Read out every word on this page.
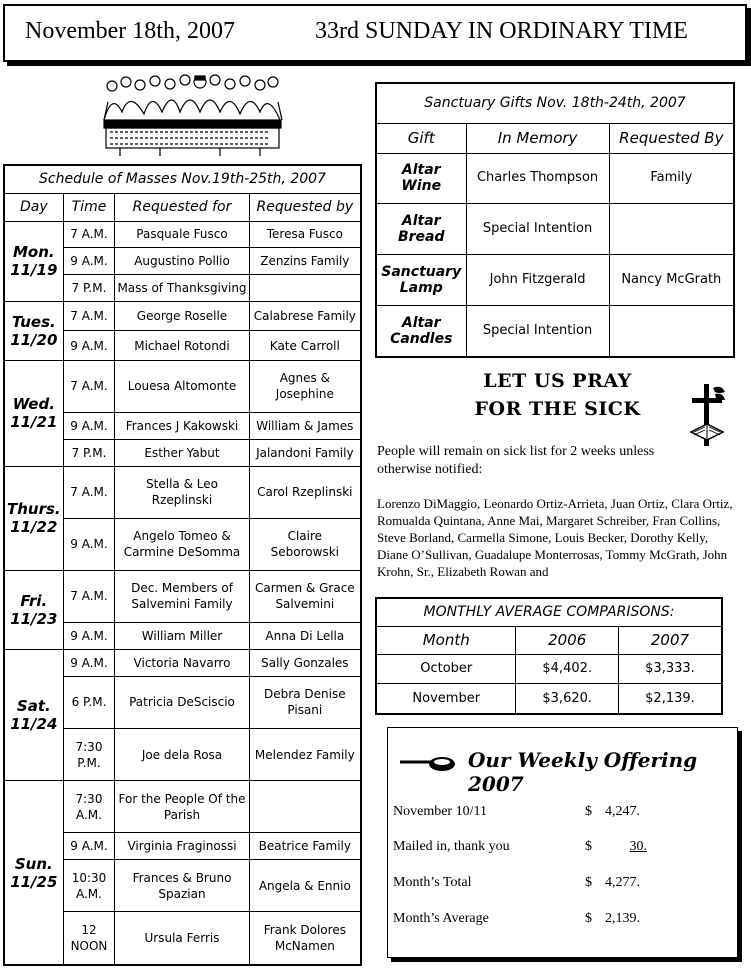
November 18th, 2007	33rd SUNDAY IN ORDINARY TIME
Schedule of Masses Nov.19th-25th, 2007			
Day	Time	Requested for	Requested by

Mon.
11/19	7 A.M.	Pasquale Fusco	Teresa Fusco
	9 A.M.	Augustino Pollio	Zenzins Family
	7 P.M.	Mass of Thanksgiving	

Tues.
11/20	7 A.M.	George Roselle	Calabrese Family
	9 A.M.	Michael Rotondi	Kate Carroll

Wed.
11/21	7 A.M.	Louesa Altomonte	Agnes & Josephine
	9 A.M.	Frances J Kakowski	William & James
	7 P.M.	Esther Yabut	Jalandoni Family

Thurs.
11/22	7 A.M.	Stella & Leo Rzeplinski	Carol Rzeplinski
	9 A.M.	Angelo Tomeo & Carmine DeSomma	Claire Seborowski

Fri.
11/23	7 A.M.	Dec. Members of Salvemini Family	Carmen & Grace Salvemini
	9 A.M.	William Miller	Anna Di Lella

Sat.
11/24	9 A.M.	Victoria Navarro	Sally Gonzales
	6 P.M.	Patricia DeSciscio	Debra Denise Pisani
	7:30 P.M.	Joe dela Rosa	Melendez Family

Sun.
11/25	7:30 A.M.	For the People Of the Parish	
	9 A.M.	Virginia Fraginossi	Beatrice Family
	10:30 A.M.	Frances & Bruno Spazian	Angela & Ennio
	12 NOON	Ursula Ferris	Frank Dolores McNamen
Sanctuary Gifts Nov. 18th-24th, 2007		
Gift	In Memory	Requested By
Altar Wine	Charles Thompson	Family
Altar Bread	Special Intention	
Sanctuary Lamp	John Fitzgerald	Nancy McGrath
Altar Candles	Special Intention	
LET US PRAY
FOR THE SICK
People will remain on sick list for 2 weeks unless otherwise notified:
Lorenzo DiMaggio, Leonardo Ortiz-Arrieta, Juan Ortiz, Clara Ortiz, Romualda Quintana, Anne Mai, Margaret Schreiber, Fran Collins, Steve Borland, Carmella Simone, Louis Becker, Dorothy Kelly, Diane O’Sullivan, Guadalupe Monterrosas, Tommy McGrath, John Krohn, Sr., Elizabeth Rowan and
MONTHLY AVERAGE COMPARISONS:		
Month	2006	2007
October	$4,402.	$3,333.
November	$3,620.	$2,139.
Our Weekly Offering 2007
November 10/11	$ 4,247.
Mailed in, thank you	$	30.
Month’s Total	$ 4,277.
Month’s Average	$ 2,139.
